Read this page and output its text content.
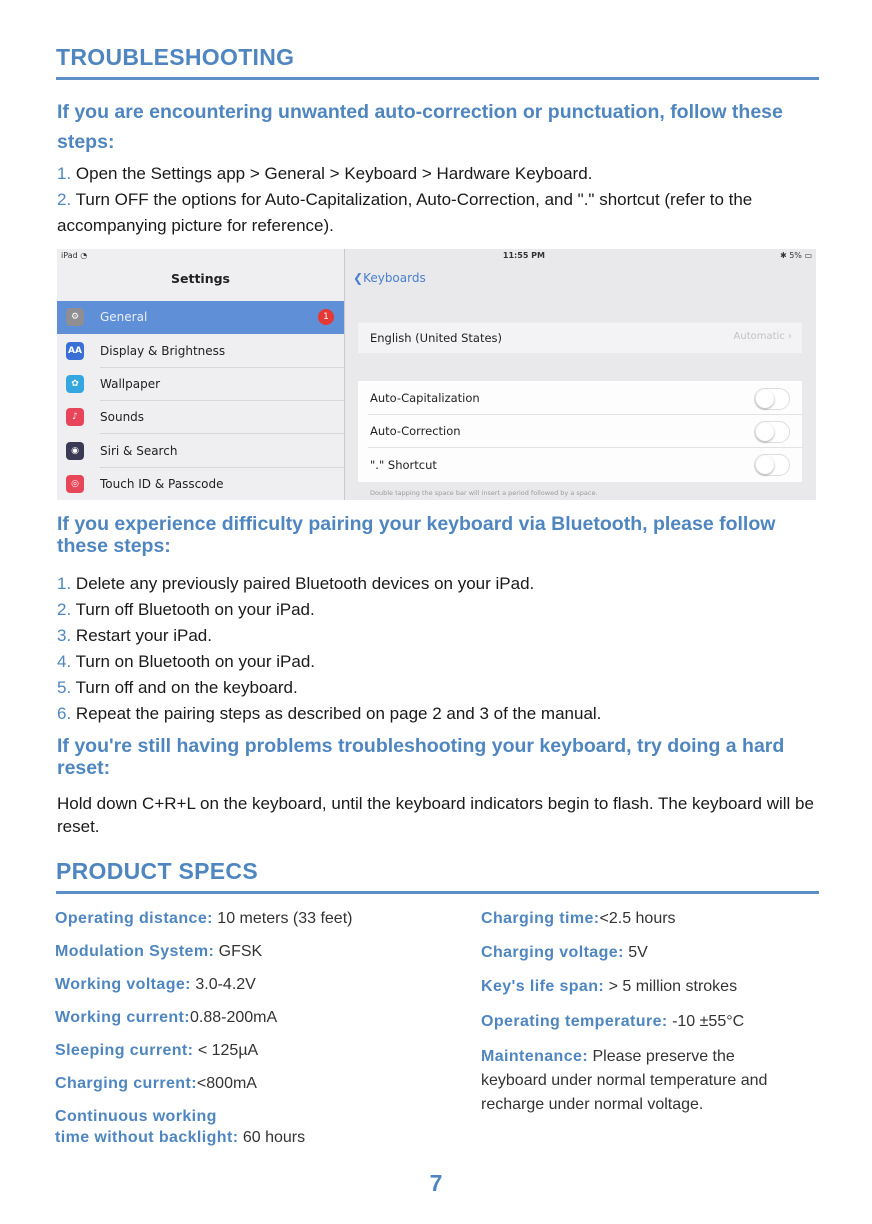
TROUBLESHOOTING
If you are encountering unwanted auto-correction or punctuation, follow these steps:
1. Open the Settings app > General > Keyboard > Hardware Keyboard.
2. Turn OFF the options for Auto-Capitalization, Auto-Correction, and "." shortcut (refer to the accompanying picture for reference).
iPad ◔
Settings
⚙	General	1
AA Display & Brightness
✿	Wallpaper
♪	Sounds
◉	Siri & Search
◎	Touch ID & Passcode
11:55 PM	✱ 5% ▭
❮Keyboards
English (United States)	Automatic ›
Auto-Capitalization
Auto-Correction
"." Shortcut
Double tapping the space bar will insert a period followed by a space.
If you experience difficulty pairing your keyboard via Bluetooth, please follow these steps:
1. Delete any previously paired Bluetooth devices on your iPad.
2. Turn off Bluetooth on your iPad.
3. Restart your iPad.
4. Turn on Bluetooth on your iPad.
5. Turn off and on the keyboard.
6. Repeat the pairing steps as described on page 2 and 3 of the manual.
If you're still having problems troubleshooting your keyboard, try doing a hard reset:
Hold down C+R+L on the keyboard, until the keyboard indicators begin to flash. The keyboard will be reset.
PRODUCT SPECS
Operating distance: 10 meters (33 feet)
Modulation System: GFSK
Working voltage: 3.0-4.2V
Working current:0.88-200mA
Sleeping current: < 125µA
Charging current:<800mA
Continuous working
time without backlight: 60 hours
Charging time:<2.5 hours
Charging voltage: 5V
Key's life span: > 5 million strokes
Operating temperature: -10 ±55°C
Maintenance: Please preserve the keyboard under normal temperature and recharge under normal voltage.
7
